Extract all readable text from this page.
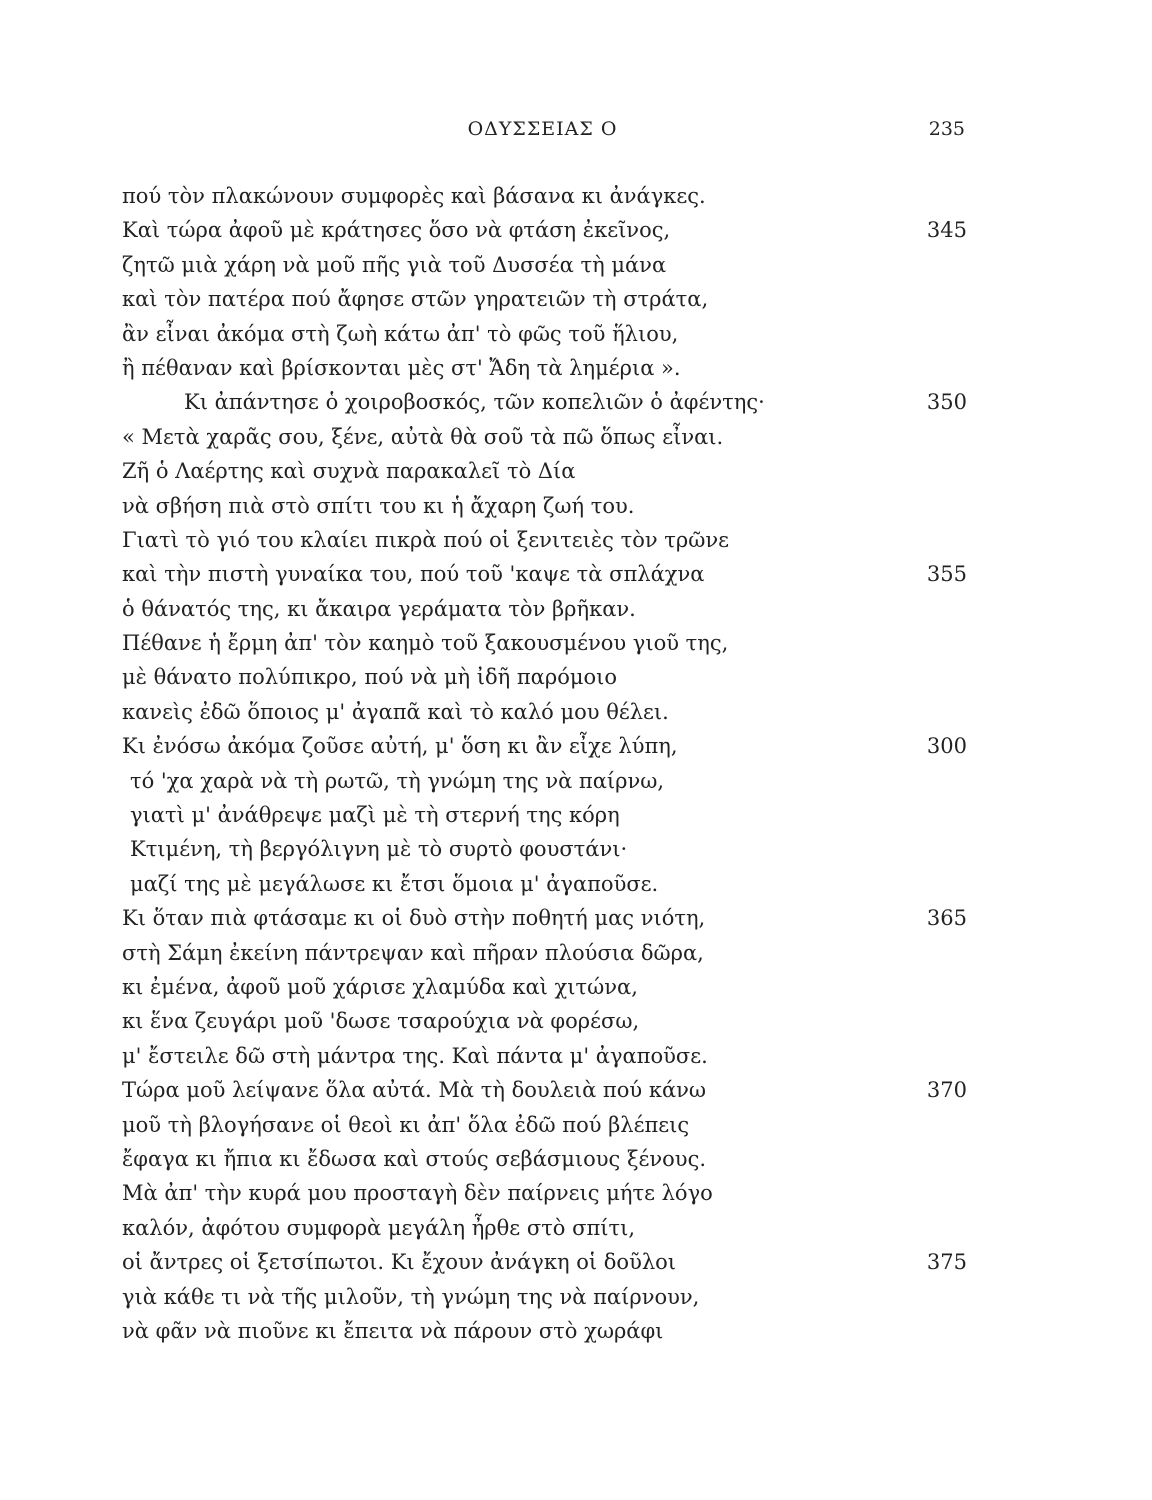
ΟΔΥΣΣΕΙΑΣ Ο	235
πού τὸν πλακώνουν συμφορὲς καὶ βάσανα κι ἀνάγκες.
Καὶ τώρα ἀφοῦ μὲ κράτησες ὅσο νὰ φτάση ἐκεῖνος,	345
ζητῶ μιὰ χάρη νὰ μοῦ πῆς γιὰ τοῦ Δυσσέα τὴ μάνα
καὶ τὸν πατέρα πού ἄφησε στῶν γηρατειῶν τὴ στράτα,
ἂν εἶναι ἀκόμα στὴ ζωὴ κάτω ἀπ' τὸ φῶς τοῦ ἥλιου,
ἢ πέθαναν καὶ βρίσκονται μὲς στ' Ἄδη τὰ λημέρια ».
Κι ἀπάντησε ὁ χοιροβοσκός, τῶν κοπελιῶν ὁ ἀφέντης·	350
« Μετὰ χαρᾶς σου, ξένε, αὐτὰ θὰ σοῦ τὰ πῶ ὅπως εἶναι.
Ζῆ ὁ Λαέρτης καὶ συχνὰ παρακαλεῖ τὸ Δία
νὰ σβήση πιὰ στὸ σπίτι του κι ἡ ἄχαρη ζωή του.
Γιατὶ τὸ γιό του κλαίει πικρὰ πού οἱ ξενιτειὲς τὸν τρῶνε
καὶ τὴν πιστὴ γυναίκα του, πού τοῦ 'καψε τὰ σπλάχνα	355
ὁ θάνατός της, κι ἄκαιρα γεράματα τὸν βρῆκαν.
Πέθανε ἡ ἔρμη ἀπ' τὸν καημὸ τοῦ ξακουσμένου γιοῦ της,
μὲ θάνατο πολύπικρο, πού νὰ μὴ ἰδῆ παρόμοιο
κανεὶς ἐδῶ ὅποιος μ' ἀγαπᾶ καὶ τὸ καλό μου θέλει.
Κι ἐνόσω ἀκόμα ζοῦσε αὐτή, μ' ὅση κι ἂν εἶχε λύπη,	300
τό 'χα χαρὰ νὰ τὴ ρωτῶ, τὴ γνώμη της νὰ παίρνω,
γιατὶ μ' ἀνάθρεψε μαζὶ μὲ τὴ στερνή της κόρη
Κτιμένη, τὴ βεργόλιγνη μὲ τὸ συρτὸ φουστάνι·
μαζί της μὲ μεγάλωσε κι ἔτσι ὅμοια μ' ἀγαποῦσε.
Κι ὅταν πιὰ φτάσαμε κι οἱ δυὸ στὴν ποθητή μας νιότη,	365
στὴ Σάμη ἐκείνη πάντρεψαν καὶ πῆραν πλούσια δῶρα,
κι ἐμένα, ἀφοῦ μοῦ χάρισε χλαμύδα καὶ χιτώνα,
κι ἕνα ζευγάρι μοῦ 'δωσε τσαρούχια νὰ φορέσω,
μ' ἔστειλε δῶ στὴ μάντρα της. Καὶ πάντα μ' ἀγαποῦσε.
Τώρα μοῦ λείψανε ὅλα αὐτά. Μὰ τὴ δουλειὰ πού κάνω	370
μοῦ τὴ βλογήσανε οἱ θεοὶ κι ἀπ' ὅλα ἐδῶ πού βλέπεις
ἔφαγα κι ἤπια κι ἔδωσα καὶ στούς σεβάσμιους ξένους.
Μὰ ἀπ' τὴν κυρά μου προσταγὴ δὲν παίρνεις μήτε λόγο
καλόν, ἀφότου συμφορὰ μεγάλη ἦρθε στὸ σπίτι,
οἱ ἄντρες οἱ ξετσίπωτοι. Κι ἔχουν ἀνάγκη οἱ δοῦλοι	375
γιὰ κάθε τι νὰ τῆς μιλοῦν, τὴ γνώμη της νὰ παίρνουν,
νὰ φᾶν νὰ πιοῦνε κι ἔπειτα νὰ πάρουν στὸ χωράφι
